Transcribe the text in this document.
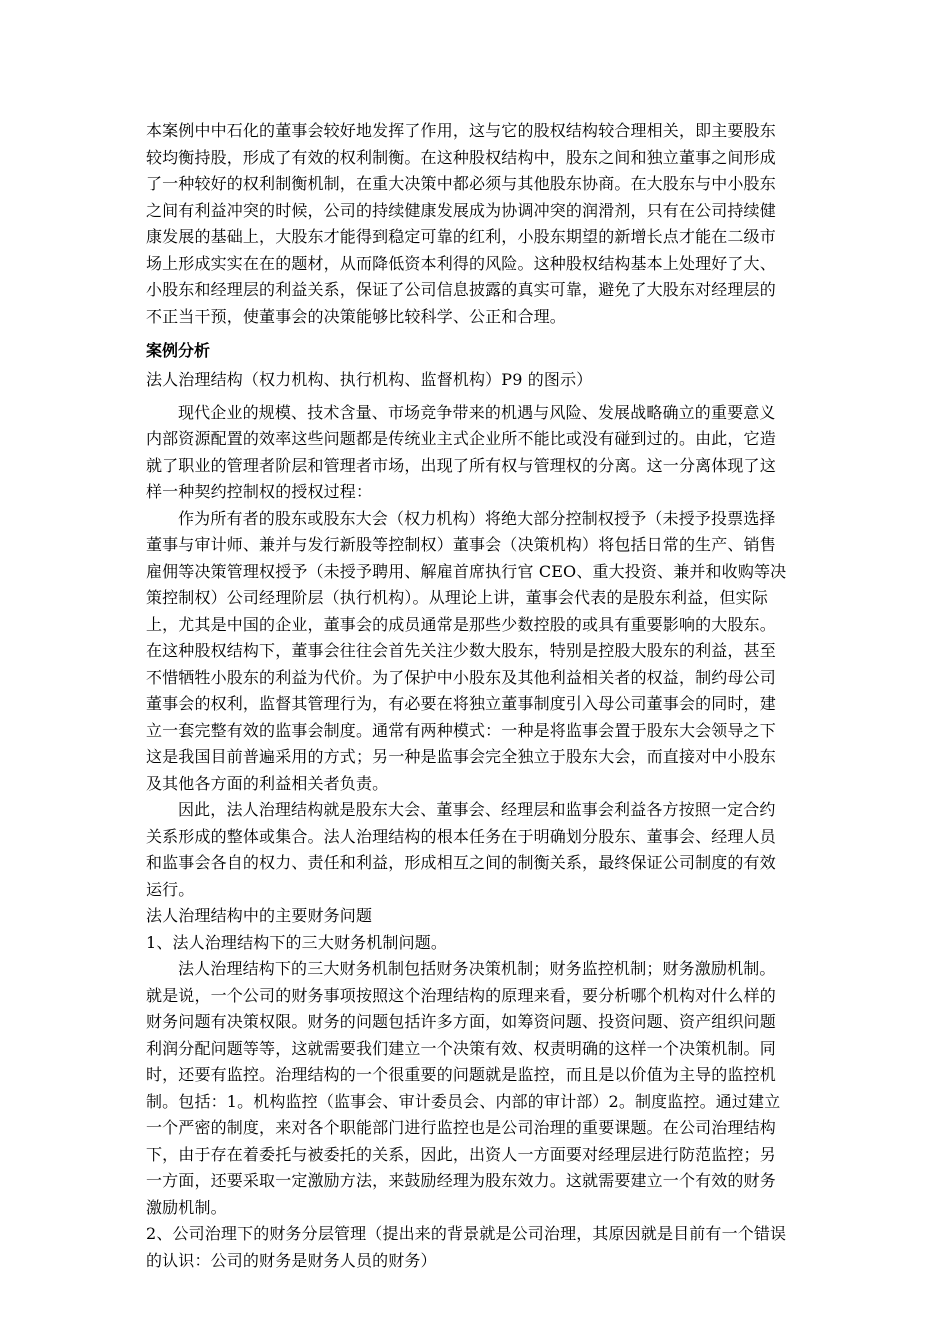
本案例中中石化的董事会较好地发挥了作用，这与它的股权结构较合理相关，即主要股东
较均衡持股，形成了有效的权利制衡。在这种股权结构中，股东之间和独立董事之间形成
了一种较好的权利制衡机制，在重大决策中都必须与其他股东协商。在大股东与中小股东
之间有利益冲突的时候，公司的持续健康发展成为协调冲突的润滑剂，只有在公司持续健
康发展的基础上，大股东才能得到稳定可靠的红利，小股东期望的新增长点才能在二级市
场上形成实实在在的题材，从而降低资本利得的风险。这种股权结构基本上处理好了大、
小股东和经理层的利益关系，保证了公司信息披露的真实可靠，避免了大股东对经理层的
不正当干预，使董事会的决策能够比较科学、公正和合理。
案例分析
法人治理结构（权力机构、执行机构、监督机构）P9 的图示）
现代企业的规模、技术含量、市场竞争带来的机遇与风险、发展战略确立的重要意义
内部资源配置的效率这些问题都是传统业主式企业所不能比或没有碰到过的。由此，它造
就了职业的管理者阶层和管理者市场，出现了所有权与管理权的分离。这一分离体现了这
样一种契约控制权的授权过程：
作为所有者的股东或股东大会（权力机构）将绝大部分控制权授予（未授予投票选择
董事与审计师、兼并与发行新股等控制权）董事会（决策机构）将包括日常的生产、销售
雇佣等决策管理权授予（未授予聘用、解雇首席执行官 CEO、重大投资、兼并和收购等决
策控制权）公司经理阶层（执行机构）。从理论上讲，董事会代表的是股东利益，但实际
上，尤其是中国的企业，董事会的成员通常是那些少数控股的或具有重要影响的大股东。
在这种股权结构下，董事会往往会首先关注少数大股东，特别是控股大股东的利益，甚至
不惜牺牲小股东的利益为代价。为了保护中小股东及其他利益相关者的权益，制约母公司
董事会的权利，监督其管理行为，有必要在将独立董事制度引入母公司董事会的同时，建
立一套完整有效的监事会制度。通常有两种模式：一种是将监事会置于股东大会领导之下
这是我国目前普遍采用的方式；另一种是监事会完全独立于股东大会，而直接对中小股东
及其他各方面的利益相关者负责。
因此，法人治理结构就是股东大会、董事会、经理层和监事会利益各方按照一定合约
关系形成的整体或集合。法人治理结构的根本任务在于明确划分股东、董事会、经理人员
和监事会各自的权力、责任和利益，形成相互之间的制衡关系，最终保证公司制度的有效
运行。
法人治理结构中的主要财务问题
1、法人治理结构下的三大财务机制问题。
法人治理结构下的三大财务机制包括财务决策机制；财务监控机制；财务激励机制。
就是说，一个公司的财务事项按照这个治理结构的原理来看，要分析哪个机构对什么样的
财务问题有决策权限。财务的问题包括许多方面，如筹资问题、投资问题、资产组织问题
利润分配问题等等，这就需要我们建立一个决策有效、权责明确的这样一个决策机制。同
时，还要有监控。治理结构的一个很重要的问题就是监控，而且是以价值为主导的监控机
制。包括：1。机构监控（监事会、审计委员会、内部的审计部）2。制度监控。通过建立
一个严密的制度，来对各个职能部门进行监控也是公司治理的重要课题。在公司治理结构
下，由于存在着委托与被委托的关系，因此，出资人一方面要对经理层进行防范监控；另
一方面，还要采取一定激励方法，来鼓励经理为股东效力。这就需要建立一个有效的财务
激励机制。
2、公司治理下的财务分层管理（提出来的背景就是公司治理，其原因就是目前有一个错误
的认识：公司的财务是财务人员的财务）
